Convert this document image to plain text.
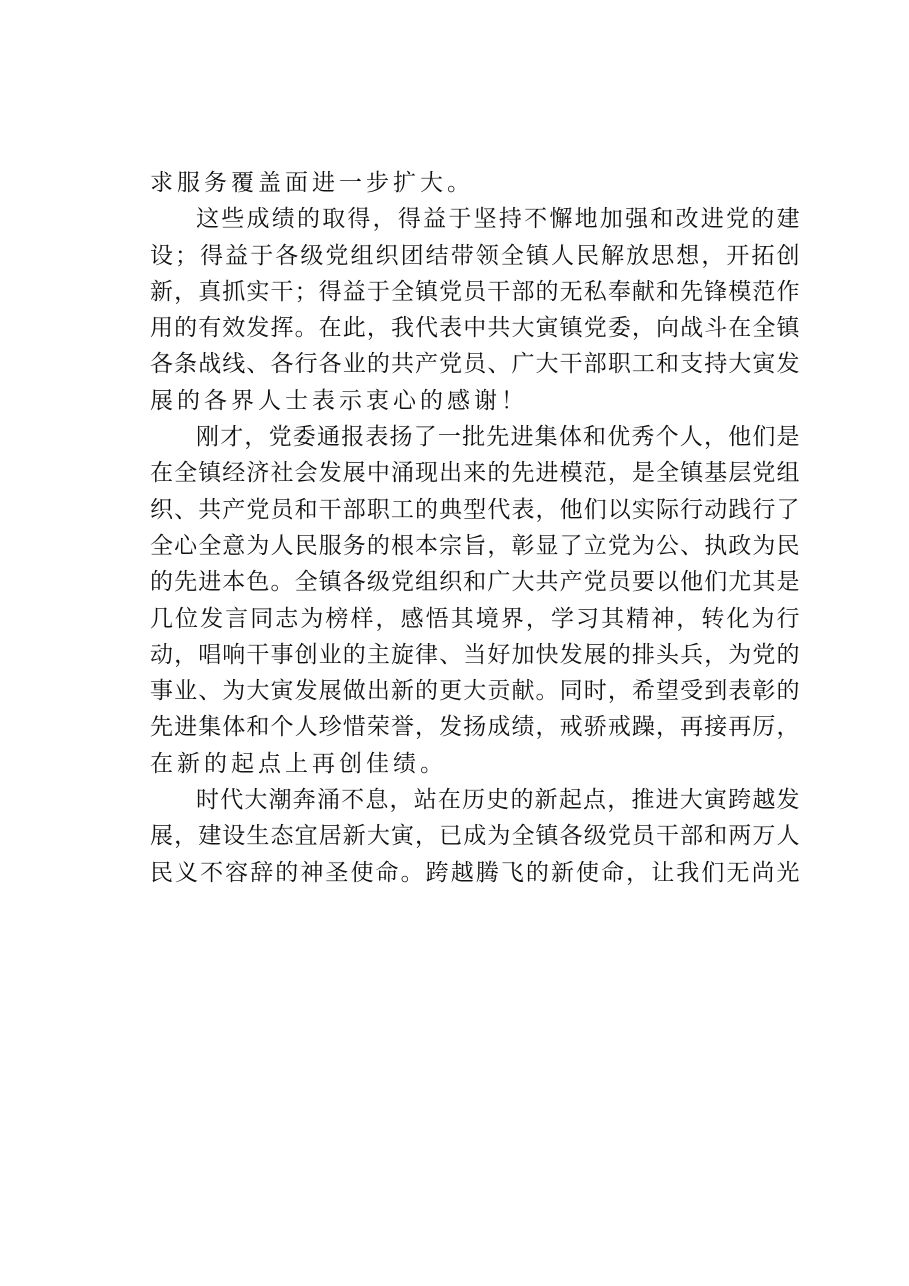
求服务覆盖面进一步扩大。
这些成绩的取得，得益于坚持不懈地加强和改进党的建
设；得益于各级党组织团结带领全镇人民解放思想，开拓创
新，真抓实干；得益于全镇党员干部的无私奉献和先锋模范作
用的有效发挥。在此，我代表中共大寅镇党委，向战斗在全镇
各条战线、各行各业的共产党员、广大干部职工和支持大寅发
展的各界人士表示衷心的感谢！
刚才，党委通报表扬了一批先进集体和优秀个人，他们是
在全镇经济社会发展中涌现出来的先进模范，是全镇基层党组
织、共产党员和干部职工的典型代表，他们以实际行动践行了
全心全意为人民服务的根本宗旨，彰显了立党为公、执政为民
的先进本色。全镇各级党组织和广大共产党员要以他们尤其是
几位发言同志为榜样，感悟其境界，学习其精神，转化为行
动，唱响干事创业的主旋律、当好加快发展的排头兵，为党的
事业、为大寅发展做出新的更大贡献。同时，希望受到表彰的
先进集体和个人珍惜荣誉，发扬成绩，戒骄戒躁，再接再厉，
在新的起点上再创佳绩。
时代大潮奔涌不息，站在历史的新起点，推进大寅跨越发
展，建设生态宜居新大寅，已成为全镇各级党员干部和两万人
民义不容辞的神圣使命。跨越腾飞的新使命，让我们无尚光
